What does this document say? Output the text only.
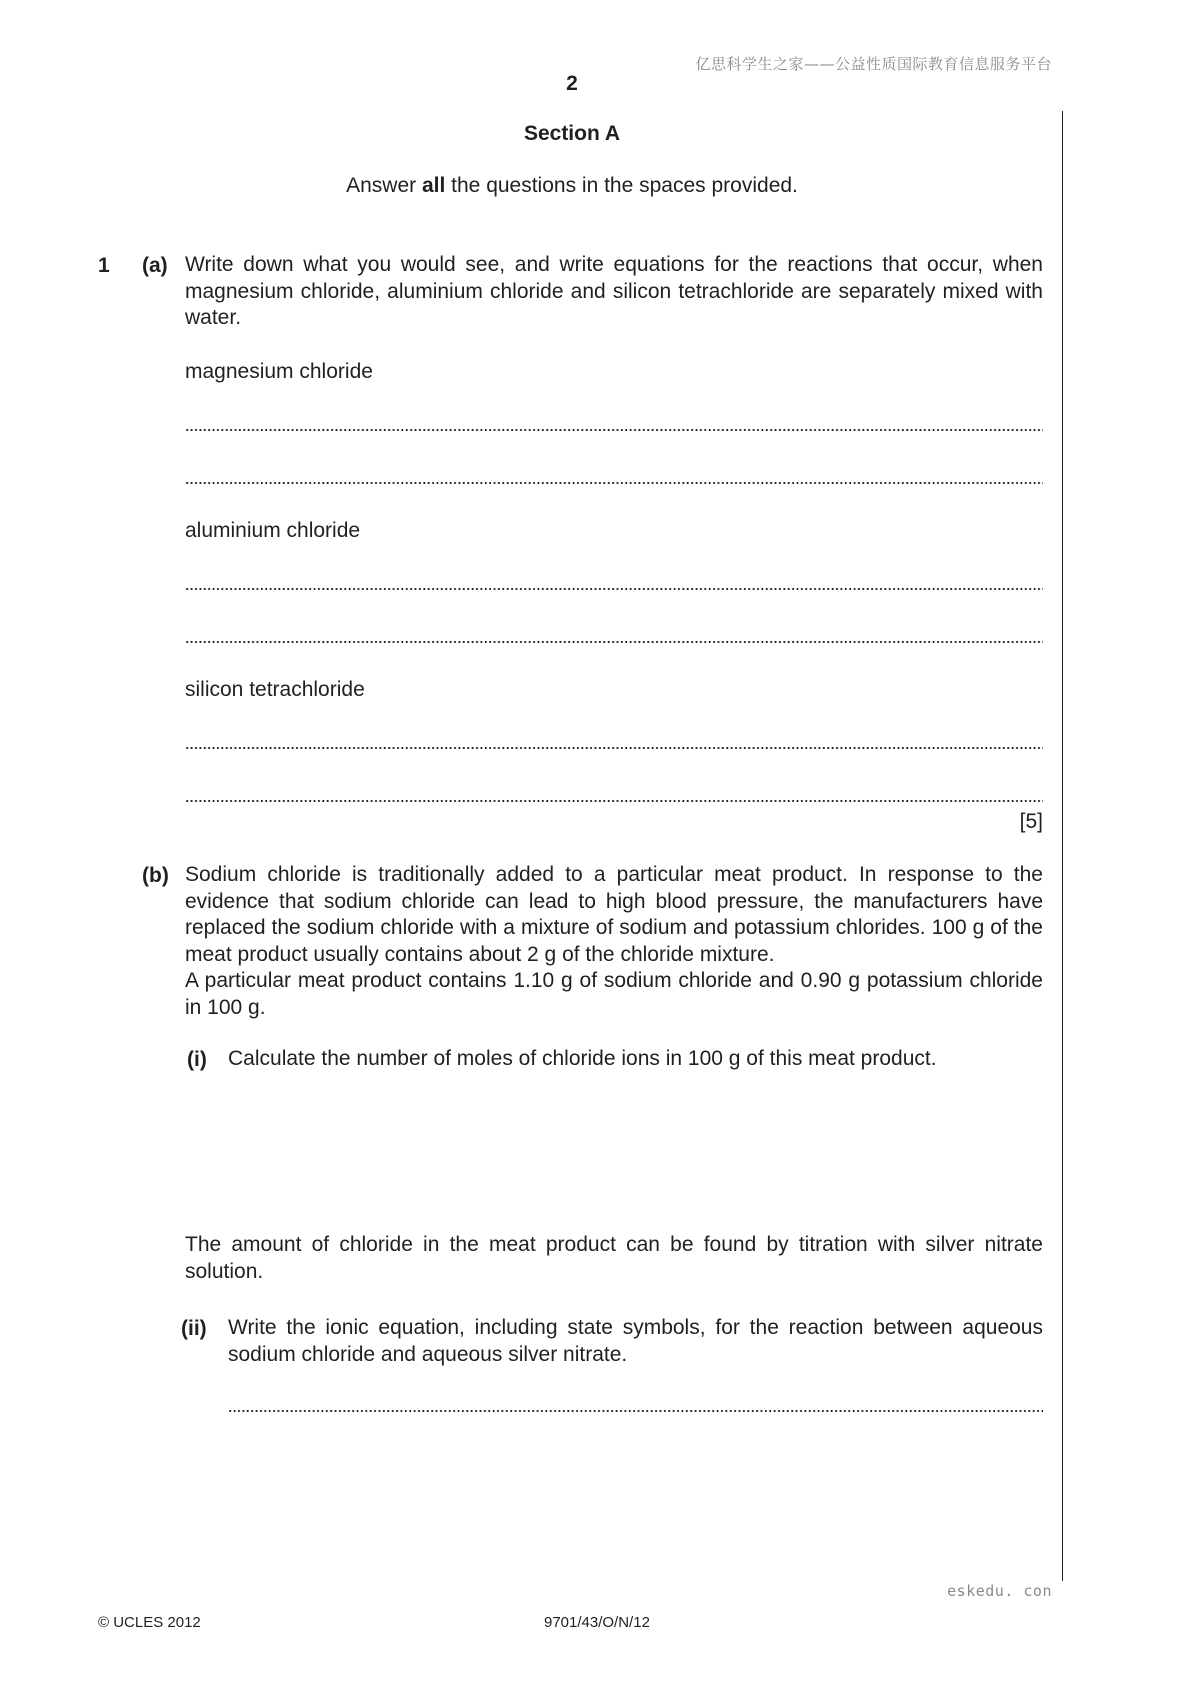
亿思科学生之家——公益性质国际教育信息服务平台
2
Section A
Answer all the questions in the spaces provided.
1 (a) Write down what you would see, and write equations for the reactions that occur, when magnesium chloride, aluminium chloride and silicon tetrachloride are separately mixed with water.
magnesium chloride
aluminium chloride
silicon tetrachloride
[5]
(b) Sodium chloride is traditionally added to a particular meat product. In response to the evidence that sodium chloride can lead to high blood pressure, the manufacturers have replaced the sodium chloride with a mixture of sodium and potassium chlorides. 100 g of the meat product usually contains about 2 g of the chloride mixture.
A particular meat product contains 1.10 g of sodium chloride and 0.90 g potassium chloride in 100 g.
(i) Calculate the number of moles of chloride ions in 100 g of this meat product.
The amount of chloride in the meat product can be found by titration with silver nitrate solution.
(ii) Write the ionic equation, including state symbols, for the reaction between aqueous sodium chloride and aqueous silver nitrate.
eskedu. con
© UCLES 2012	9701/43/O/N/12
